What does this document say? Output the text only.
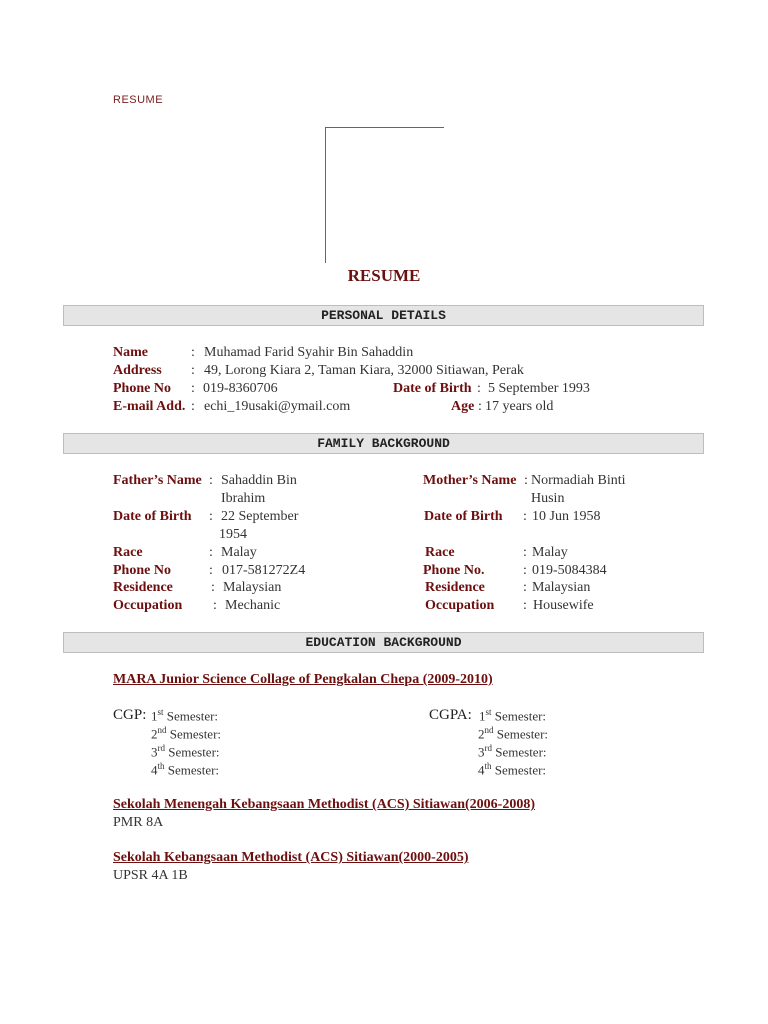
RESUME
RESUME
PERSONAL DETAILS
Name	: Muhamad Farid Syahir Bin Sahaddin
Address : 49, Lorong Kiara 2, Taman Kiara, 32000 Sitiawan, Perak
Phone No : 019-8360706	Date of Birth : 5 September 1993
E-mail Add. : echi_19usaki@ymail.com	Age : 17 years old
FAMILY BACKGROUND
Father’s Name : Sahaddin Bin
Ibrahim
Date of Birth : 22 September
1954
Race	: Malay
Phone No	: 017-581272Z4
Residence	: Malaysian
Occupation : Mechanic
Mother’s Name : Normadiah Binti
Husin
Date of Birth : 10 Jun 1958
Race	: Malay
Phone No.	: 019-5084384
Residence	: Malaysian
Occupation : Housewife
EDUCATION BACKGROUND
MARA Junior Science Collage of Pengkalan Chepa (2009-2010)
CGP: 1st Semester:
2nd Semester:
3rd Semester:
4th Semester:
CGPA: 1st Semester:
2nd Semester:
3rd Semester:
4th Semester:
Sekolah Menengah Kebangsaan Methodist (ACS) Sitiawan(2006-2008)
PMR 8A
Sekolah Kebangsaan Methodist (ACS) Sitiawan(2000-2005)
UPSR 4A 1B
